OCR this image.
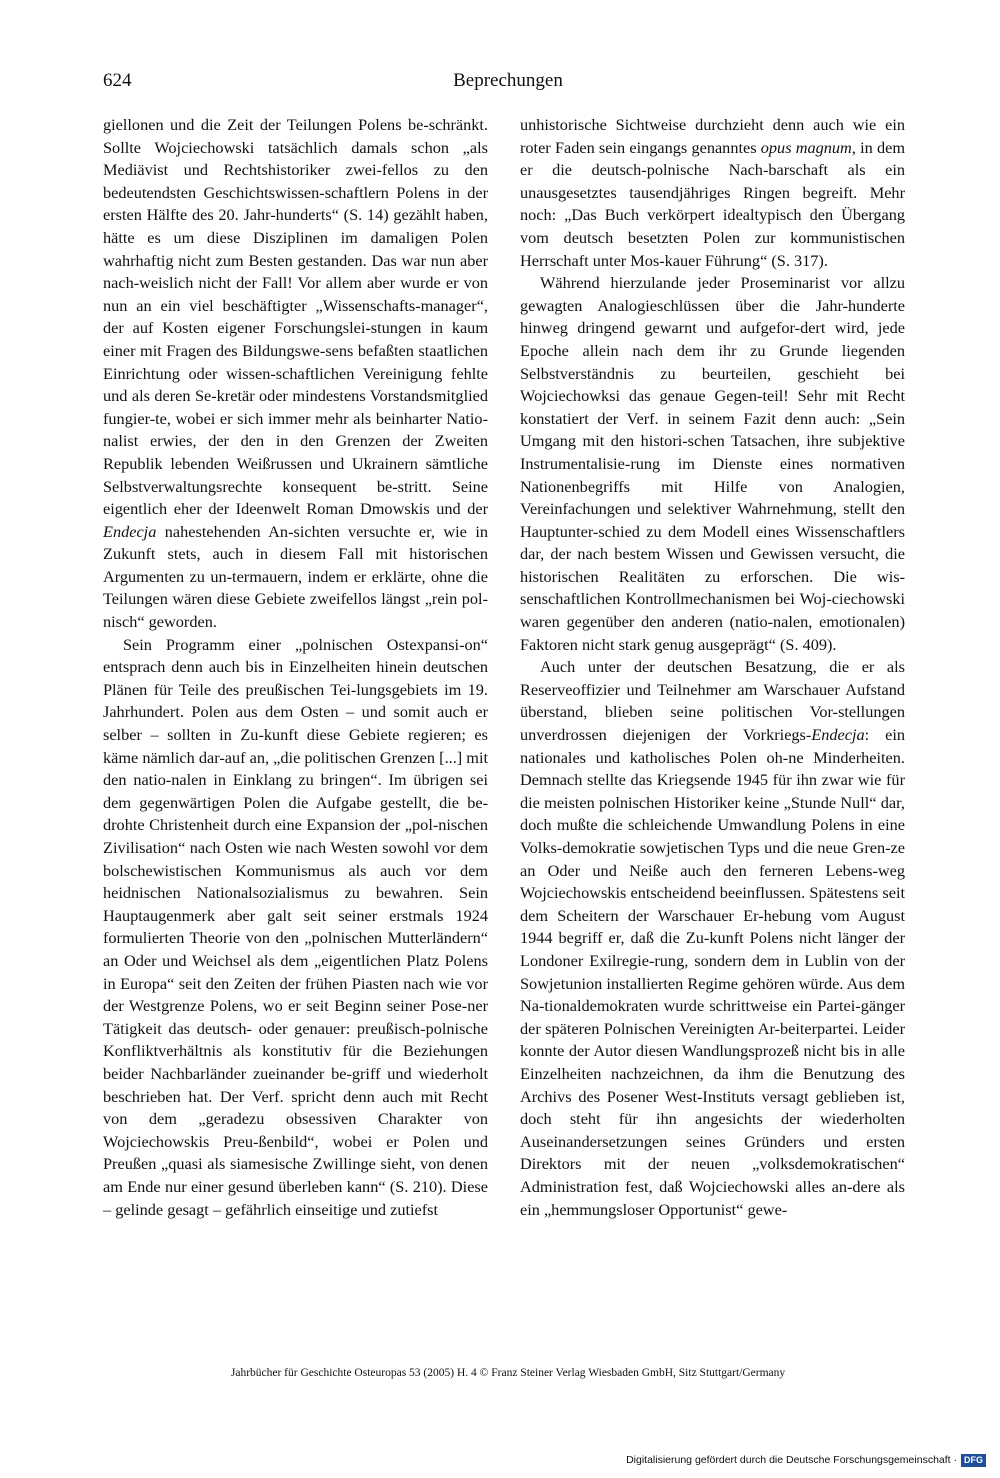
624	Beprechungen

giellonen und die Zeit der Teilungen Polens be-schränkt. Sollte Wojciechowski tatsächlich damals schon „als Mediävist und Rechtshistoriker zwei-fellos zu den bedeutendsten Geschichtswissen-schaftlern Polens in der ersten Hälfte des 20. Jahr-hunderts“ (S. 14) gezählt haben, hätte es um diese Disziplinen im damaligen Polen wahrhaftig nicht zum Besten gestanden. Das war nun aber nach-weislich nicht der Fall! Vor allem aber wurde er von nun an ein viel beschäftigter „Wissenschafts-manager“, der auf Kosten eigener Forschungslei-stungen in kaum einer mit Fragen des Bildungswe-sens befaßten staatlichen Einrichtung oder wissen-schaftlichen Vereinigung fehlte und als deren Se-kretär oder mindestens Vorstandsmitglied fungier-te, wobei er sich immer mehr als beinharter Natio-nalist erwies, der den in den Grenzen der Zweiten Republik lebenden Weißrussen und Ukrainern sämtliche Selbstverwaltungsrechte konsequent be-stritt. Seine eigentlich eher der Ideenwelt Roman Dmowskis und der Endecja nahestehenden An-sichten versuchte er, wie in Zukunft stets, auch in diesem Fall mit historischen Argumenten zu un-termauern, indem er erklärte, ohne die Teilungen wären diese Gebiete zweifellos längst „rein pol-nisch“ geworden.

Sein Programm einer „polnischen Ostexpansi-on“ entsprach denn auch bis in Einzelheiten hinein deutschen Plänen für Teile des preußischen Tei-lungsgebiets im 19. Jahrhundert. Polen aus dem Osten – und somit auch er selber – sollten in Zu-kunft diese Gebiete regieren; es käme nämlich dar-auf an, „die politischen Grenzen [...] mit den natio-nalen in Einklang zu bringen“. Im übrigen sei dem gegenwärtigen Polen die Aufgabe gestellt, die be-drohte Christenheit durch eine Expansion der „pol-nischen Zivilisation“ nach Osten wie nach Westen sowohl vor dem bolschewistischen Kommunismus als auch vor dem heidnischen Nationalsozialismus zu bewahren. Sein Hauptaugenmerk aber galt seit seiner erstmals 1924 formulierten Theorie von den „polnischen Mutterländern“ an Oder und Weichsel als dem „eigentlichen Platz Polens in Europa“ seit den Zeiten der frühen Piasten nach wie vor der Westgrenze Polens, wo er seit Beginn seiner Pose-ner Tätigkeit das deutsch- oder genauer: preußisch-polnische Konfliktverhältnis als konstitutiv für die Beziehungen beider Nachbarländer zueinander be-griff und wiederholt beschrieben hat. Der Verf. spricht denn auch mit Recht von dem „geradezu obsessiven Charakter von Wojciechowskis Preu-ßenbild“, wobei er Polen und Preußen „quasi als siamesische Zwillinge sieht, von denen am Ende nur einer gesund überleben kann“ (S. 210). Diese – gelinde gesagt – gefährlich einseitige und zutiefst

unhistorische Sichtweise durchzieht denn auch wie ein roter Faden sein eingangs genanntes opus magnum, in dem er die deutsch-polnische Nach-barschaft als ein unausgesetztes tausendjähriges Ringen begreift. Mehr noch: „Das Buch verkörpert idealtypisch den Übergang vom deutsch besetzten Polen zur kommunistischen Herrschaft unter Mos-kauer Führung“ (S. 317).

Während hierzulande jeder Proseminarist vor allzu gewagten Analogieschlüssen über die Jahr-hunderte hinweg dringend gewarnt und aufgefor-dert wird, jede Epoche allein nach dem ihr zu Grunde liegenden Selbstverständnis zu beurteilen, geschieht bei Wojciechowksi das genaue Gegen-teil! Sehr mit Recht konstatiert der Verf. in seinem Fazit denn auch: „Sein Umgang mit den histori-schen Tatsachen, ihre subjektive Instrumentalisie-rung im Dienste eines normativen Nationenbegriffs mit Hilfe von Analogien, Vereinfachungen und selektiver Wahrnehmung, stellt den Hauptunter-schied zu dem Modell eines Wissenschaftlers dar, der nach bestem Wissen und Gewissen versucht, die historischen Realitäten zu erforschen. Die wis-senschaftlichen Kontrollmechanismen bei Woj-ciechowski waren gegenüber den anderen (natio-nalen, emotionalen) Faktoren nicht stark genug ausgeprägt“ (S. 409).

Auch unter der deutschen Besatzung, die er als Reserveoffizier und Teilnehmer am Warschauer Aufstand überstand, blieben seine politischen Vor-stellungen unverdrossen diejenigen der Vorkriegs-Endecja: ein nationales und katholisches Polen oh-ne Minderheiten. Demnach stellte das Kriegsende 1945 für ihn zwar wie für die meisten polnischen Historiker keine „Stunde Null“ dar, doch mußte die schleichende Umwandlung Polens in eine Volks-demokratie sowjetischen Typs und die neue Gren-ze an Oder und Neiße auch den ferneren Lebens-weg Wojciechowskis entscheidend beeinflussen. Spätestens seit dem Scheitern der Warschauer Er-hebung vom August 1944 begriff er, daß die Zu-kunft Polens nicht länger der Londoner Exilregie-rung, sondern dem in Lublin von der Sowjetunion installierten Regime gehören würde. Aus dem Na-tionaldemokraten wurde schrittweise ein Partei-gänger der späteren Polnischen Vereinigten Ar-beiterpartei. Leider konnte der Autor diesen Wandlungsprozeß nicht bis in alle Einzelheiten nachzeichnen, da ihm die Benutzung des Archivs des Posener West-Instituts versagt geblieben ist, doch steht für ihn angesichts der wiederholten Auseinandersetzungen seines Gründers und ersten Direktors mit der neuen „volksdemokratischen“ Administration fest, daß Wojciechowski alles an-dere als ein „hemmungsloser Opportunist“ gewe-

Jahrbücher für Geschichte Osteuropas 53 (2005) H. 4 © Franz Steiner Verlag Wiesbaden GmbH, Sitz Stuttgart/Germany
Digitalisierung gefördert durch die Deutsche Forschungsgemeinschaft · DFG
